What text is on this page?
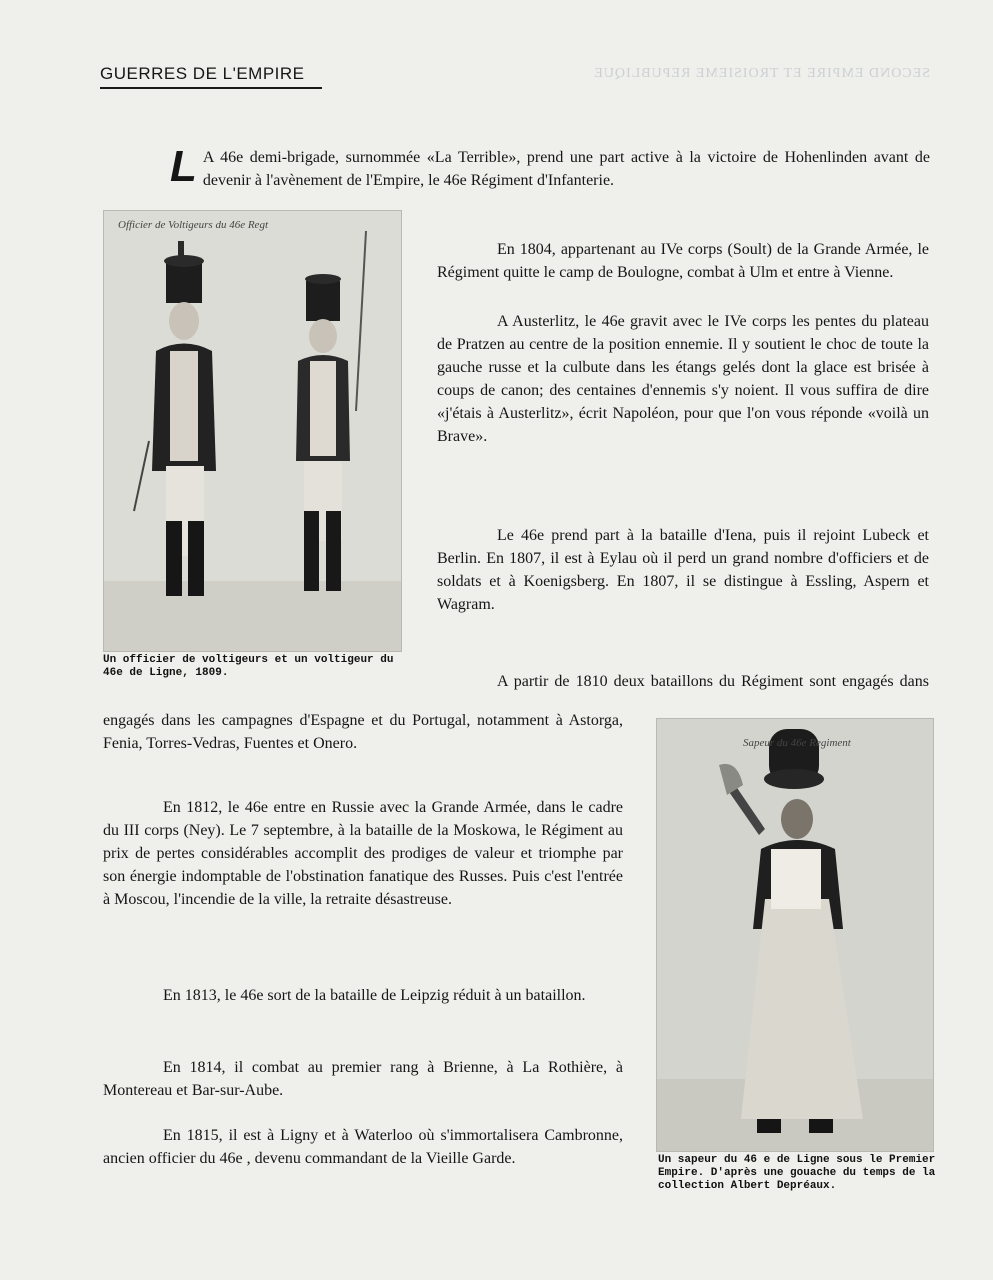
SECOND EMPIRE ET TROISIEME REPUBLIQUE
GUERRES DE L'EMPIRE

L A 46e demi-brigade, surnommée «La Terrible», prend une part active à la victoire de Hohenlinden avant de devenir à l'avènement de l'Empire, le 46e Régiment d'Infanterie.

Officier de Voltigeurs du 46e Regt
Un officier de voltigeurs et un voltigeur du 46e de Ligne, 1809.

En 1804, appartenant au IVe corps (Soult) de la Grande Armée, le Régiment quitte le camp de Boulogne, combat à Ulm et entre à Vienne.

A Austerlitz, le 46e gravit avec le IVe corps les pentes du plateau de Pratzen au centre de la position ennemie. Il y soutient le choc de toute la gauche russe et la culbute dans les étangs gelés dont la glace est brisée à coups de canon; des centaines d'ennemis s'y noient. Il vous suffira de dire «j'étais à Austerlitz», écrit Napoléon, pour que l'on vous réponde «voilà un Brave».

Le 46e prend part à la bataille d'Iena, puis il rejoint Lubeck et Berlin. En 1807, il est à Eylau où il perd un grand nombre d'officiers et de soldats et à Koenigsberg. En 1807, il se distingue à Essling, Aspern et Wagram.

A partir de 1810 deux bataillons du Régiment sont engagés dans

engagés dans les campagnes d'Espagne et du Portugal, notamment à Astorga, Fenia, Torres-Vedras, Fuentes et Onero.

En 1812, le 46e entre en Russie avec la Grande Armée, dans le cadre du III corps (Ney). Le 7 septembre, à la bataille de la Moskowa, le Régiment au prix de pertes considérables accomplit des prodiges de valeur et triomphe par son énergie indomptable de l'obstination fanatique des Russes. Puis c'est l'entrée à Moscou, l'incendie de la ville, la retraite désastreuse.

En 1813, le 46e sort de la bataille de Leipzig réduit à un bataillon.

En 1814, il combat au premier rang à Brienne, à La Rothière, à Montereau et Bar-sur-Aube.

En 1815, il est à Ligny et à Waterloo où s'immortalisera Cambronne, ancien officier du 46e , devenu commandant de la Vieille Garde.

Sapeur du 46e Regiment
Un sapeur du 46 e de Ligne sous le Premier Empire. D'après une gouache du temps de la collection Albert Depréaux.
